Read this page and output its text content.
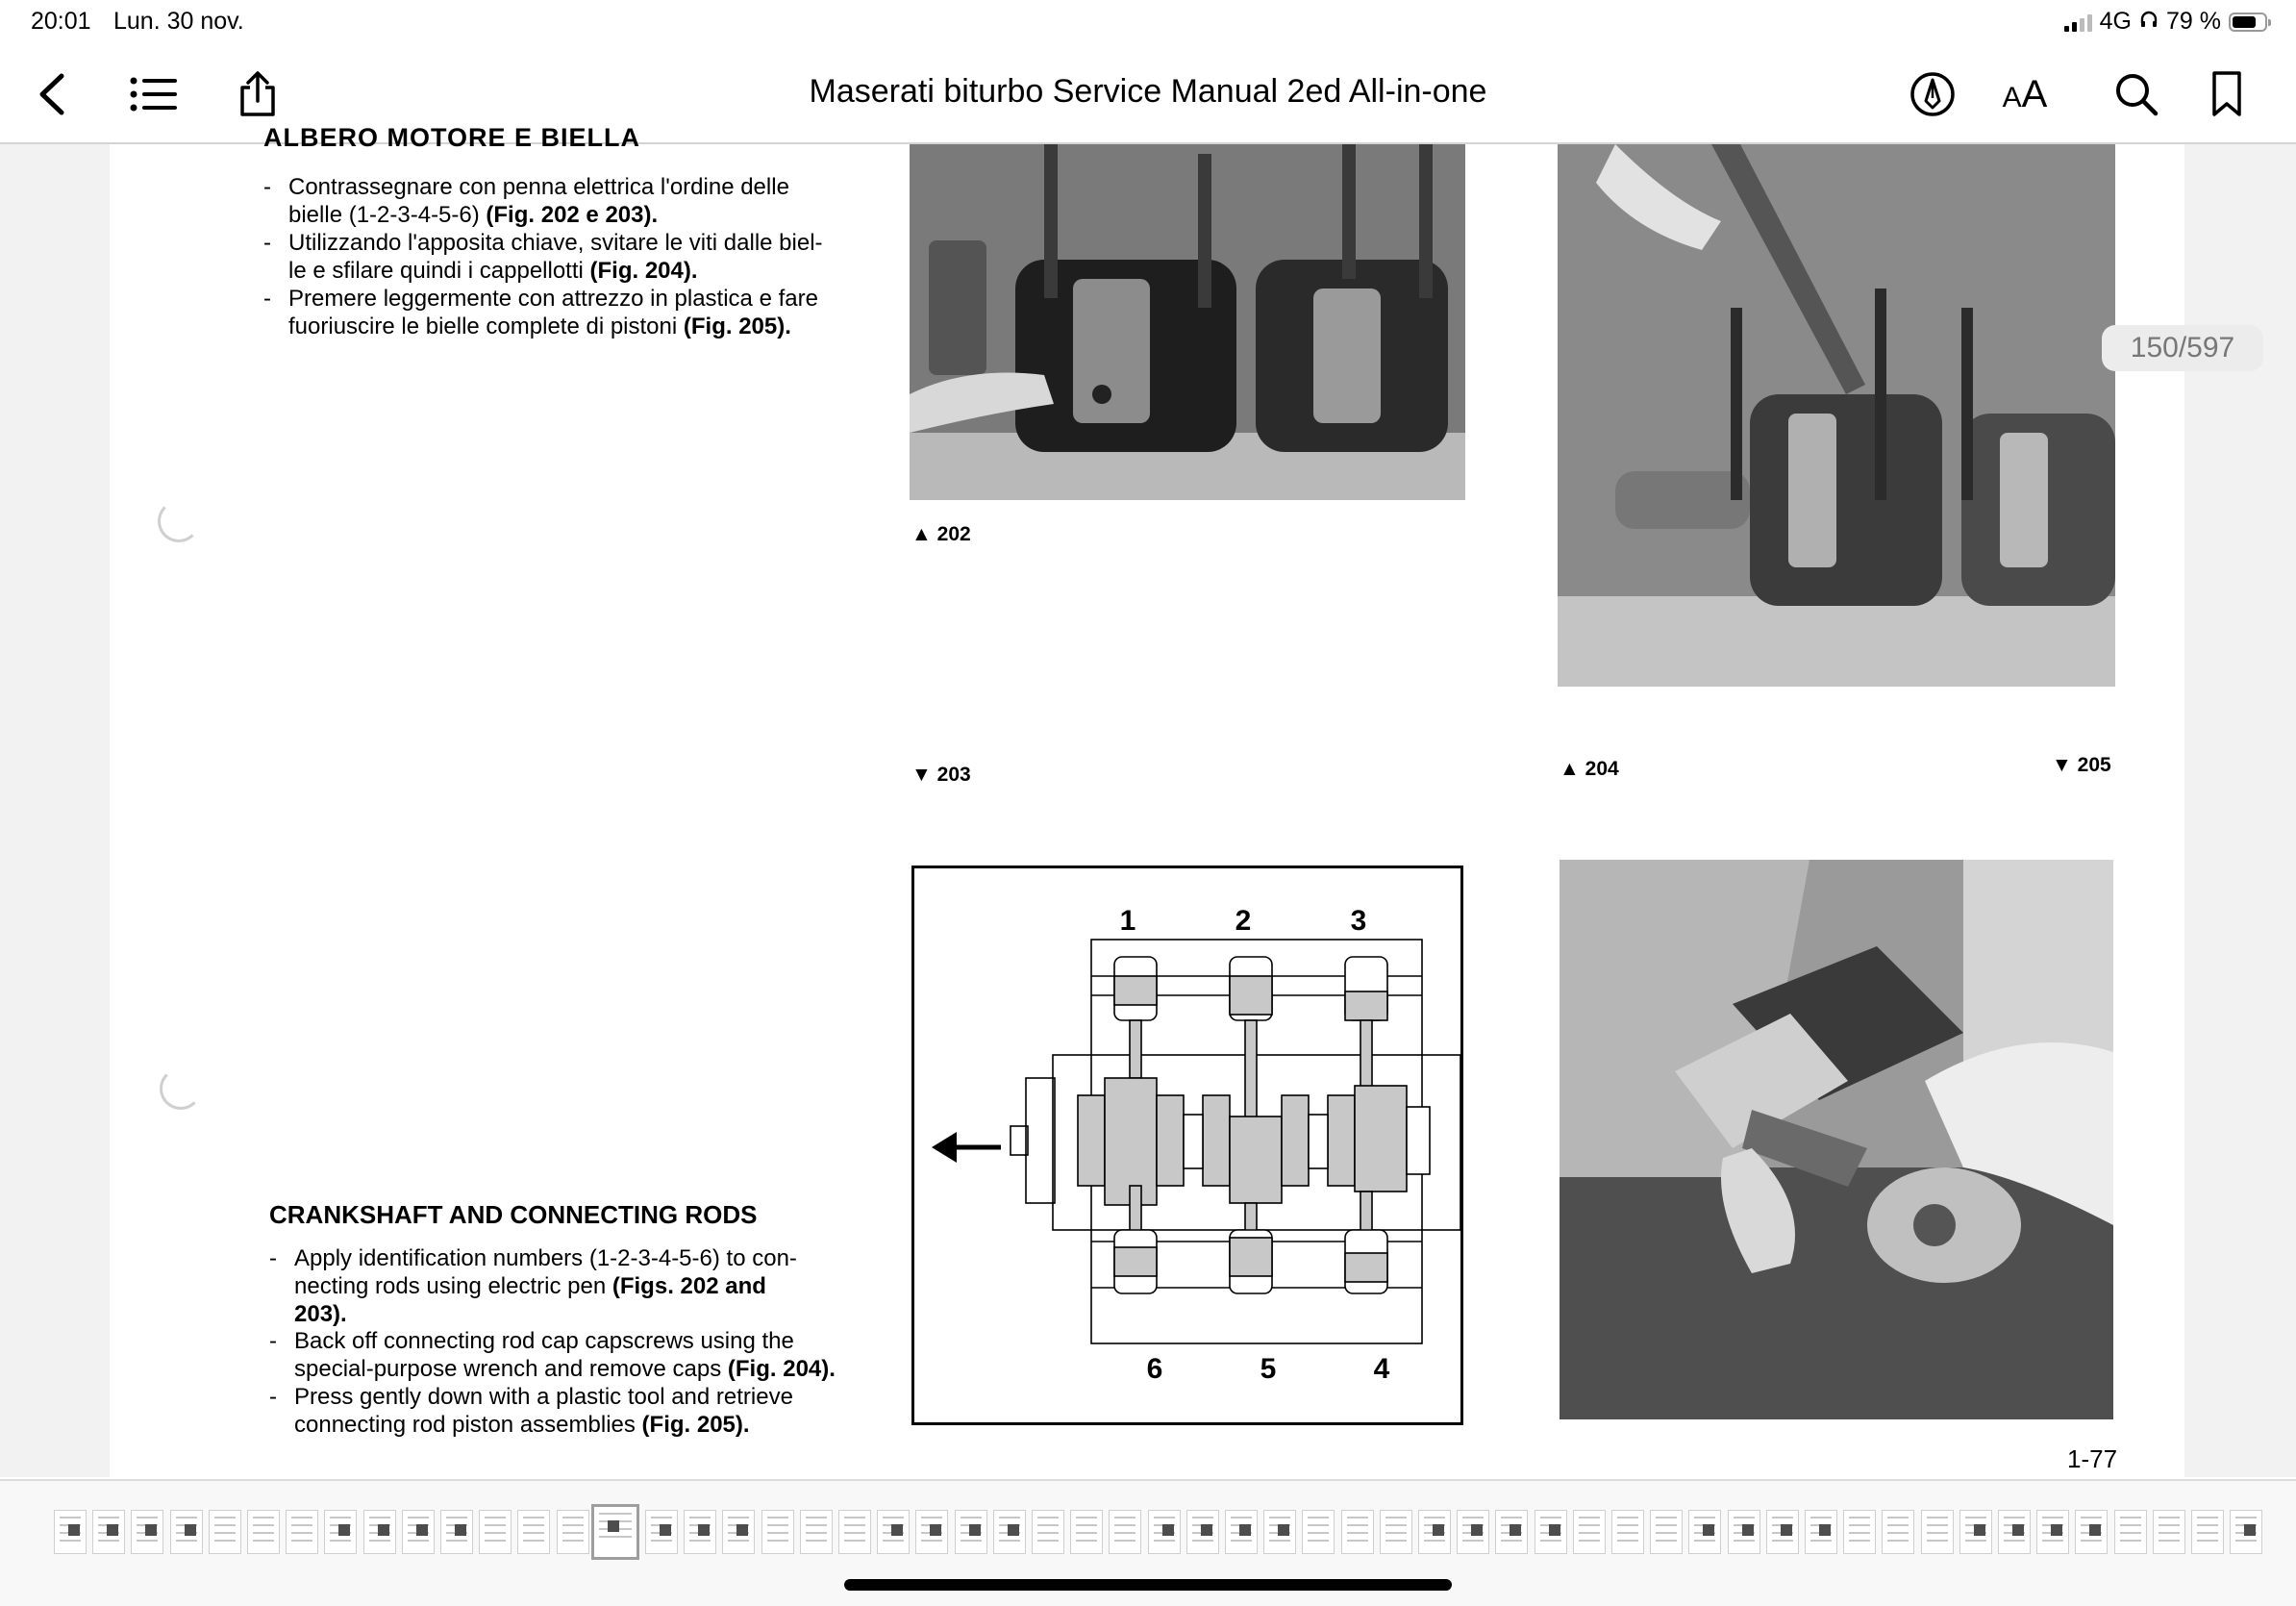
20:01 Lun. 30 nov.	4G 79 %
Maserati biturbo Service Manual 2ed All-in-one	AA
ALBERO MOTORE E BIELLA
- Contrassegnare con penna elettrica l'ordine delle
bielle (1-2-3-4-5-6) (Fig. 202 e 203).
- Utilizzando l'apposita chiave, svitare le viti dalle biel-
le e sfilare quindi i cappellotti (Fig. 204).
- Premere leggermente con attrezzo in plastica e fare
fuoriuscire le bielle complete di pistoni (Fig. 205).
CRANKSHAFT AND CONNECTING RODS
- Apply identification numbers (1-2-3-4-5-6) to con-
necting rods using electric pen (Figs. 202 and
203).
- Back off connecting rod cap capscrews using the
special-purpose wrench and remove caps (Fig. 204).
- Press gently down with a plastic tool and retrieve
connecting rod piston assemblies (Fig. 205).
▲ 202
▼ 203	▲ 204	▼ 205
1	2	3
6	5	4
1-77
150/597
